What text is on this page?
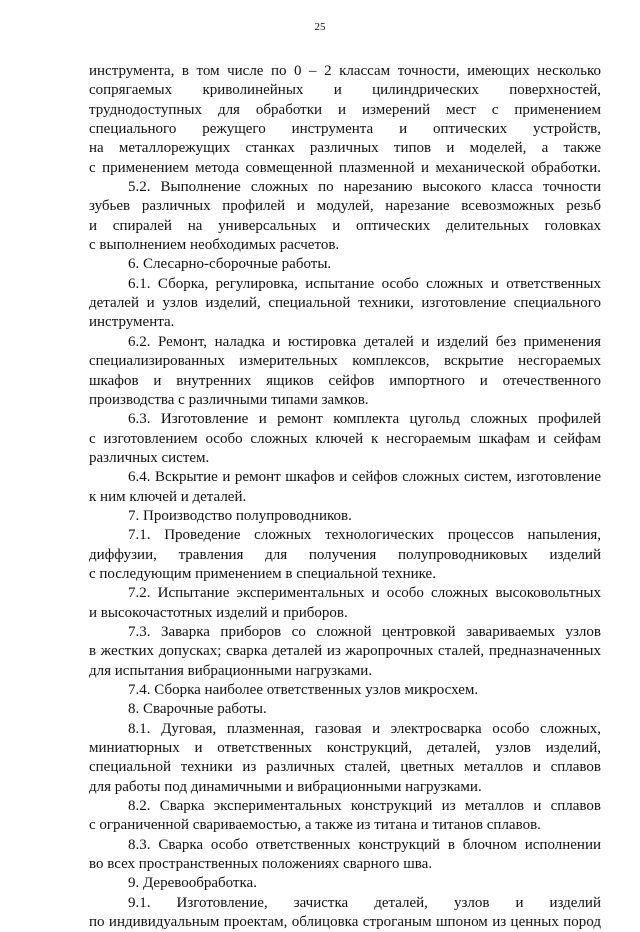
25
инструмента, в том числе по 0 – 2 классам точности, имеющих несколько
сопрягаемых криволинейных и цилиндрических поверхностей,
труднодоступных для обработки и измерений мест с применением
специального режущего инструмента и оптических устройств,
на металлорежущих станках различных типов и моделей, а также
с применением метода совмещенной плазменной и механической обработки.
5.2. Выполнение сложных по нарезанию высокого класса точности
зубьев различных профилей и модулей, нарезание всевозможных резьб
и спиралей на универсальных и оптических делительных головках
с выполнением необходимых расчетов.
6. Слесарно-сборочные работы.
6.1. Сборка, регулировка, испытание особо сложных и ответственных
деталей и узлов изделий, специальной техники, изготовление специального
инструмента.
6.2. Ремонт, наладка и юстировка деталей и изделий без применения
специализированных измерительных комплексов, вскрытие несгораемых
шкафов и внутренних ящиков сейфов импортного и отечественного
производства с различными типами замков.
6.3. Изготовление и ремонт комплекта цугольд сложных профилей
с изготовлением особо сложных ключей к несгораемым шкафам и сейфам
различных систем.
6.4. Вскрытие и ремонт шкафов и сейфов сложных систем, изготовление
к ним ключей и деталей.
7. Производство полупроводников.
7.1. Проведение сложных технологических процессов напыления,
диффузии, травления для получения полупроводниковых изделий
с последующим применением в специальной технике.
7.2. Испытание экспериментальных и особо сложных высоковольтных
и высокочастотных изделий и приборов.
7.3. Заварка приборов со сложной центровкой завариваемых узлов
в жестких допусках; сварка деталей из жаропрочных сталей, предназначенных
для испытания вибрационными нагрузками.
7.4. Сборка наиболее ответственных узлов микросхем.
8. Сварочные работы.
8.1. Дуговая, плазменная, газовая и электросварка особо сложных,
миниатюрных и ответственных конструкций, деталей, узлов изделий,
специальной техники из различных сталей, цветных металлов и сплавов
для работы под динамичными и вибрационными нагрузками.
8.2. Сварка экспериментальных конструкций из металлов и сплавов
с ограниченной свариваемостью, а также из титана и титанов сплавов.
8.3. Сварка особо ответственных конструкций в блочном исполнении
во всех пространственных положениях сварного шва.
9. Деревообработка.
9.1. Изготовление, зачистка деталей, узлов и изделий
по индивидуальным проектам, облицовка строганым шпоном из ценных пород
